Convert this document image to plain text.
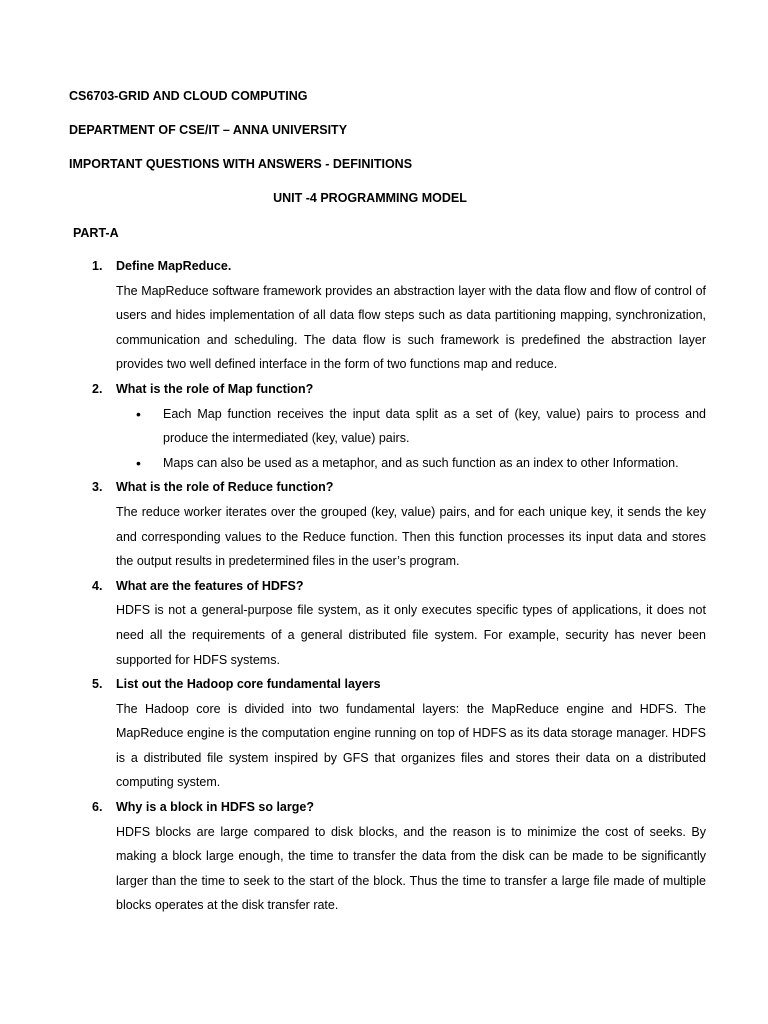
CS6703-GRID AND CLOUD COMPUTING

DEPARTMENT OF CSE/IT – ANNA UNIVERSITY

IMPORTANT QUESTIONS WITH ANSWERS - DEFINITIONS

UNIT -4 PROGRAMMING MODEL

PART-A

Define MapReduce.

The MapReduce software framework provides an abstraction layer with the data flow and flow of control of users and hides implementation of all data flow steps such as data partitioning mapping, synchronization, communication and scheduling. The data flow is such framework is predefined the abstraction layer provides two well defined interface in the form of two functions map and reduce.

What is the role of Map function?
• Each Map function receives the input data split as a set of (key, value) pairs to process and produce the intermediated (key, value) pairs.
• Maps can also be used as a metaphor, and as such function as an index to other Information.
What is the role of Reduce function?

The reduce worker iterates over the grouped (key, value) pairs, and for each unique key, it sends the key and corresponding values to the Reduce function. Then this function processes its input data and stores the output results in predetermined files in the user’s program.

What are the features of HDFS?

HDFS is not a general-purpose file system, as it only executes specific types of applications, it does not need all the requirements of a general distributed file system. For example, security has never been supported for HDFS systems.

List out the Hadoop core fundamental layers

The Hadoop core is divided into two fundamental layers: the MapReduce engine and HDFS. The MapReduce engine is the computation engine running on top of HDFS as its data storage manager. HDFS is a distributed file system inspired by GFS that organizes files and stores their data on a distributed computing system.

Why is a block in HDFS so large?

HDFS blocks are large compared to disk blocks, and the reason is to minimize the cost of seeks. By making a block large enough, the time to transfer the data from the disk can be made to be significantly larger than the time to seek to the start of the block. Thus the time to transfer a large file made of multiple blocks operates at the disk transfer rate.
